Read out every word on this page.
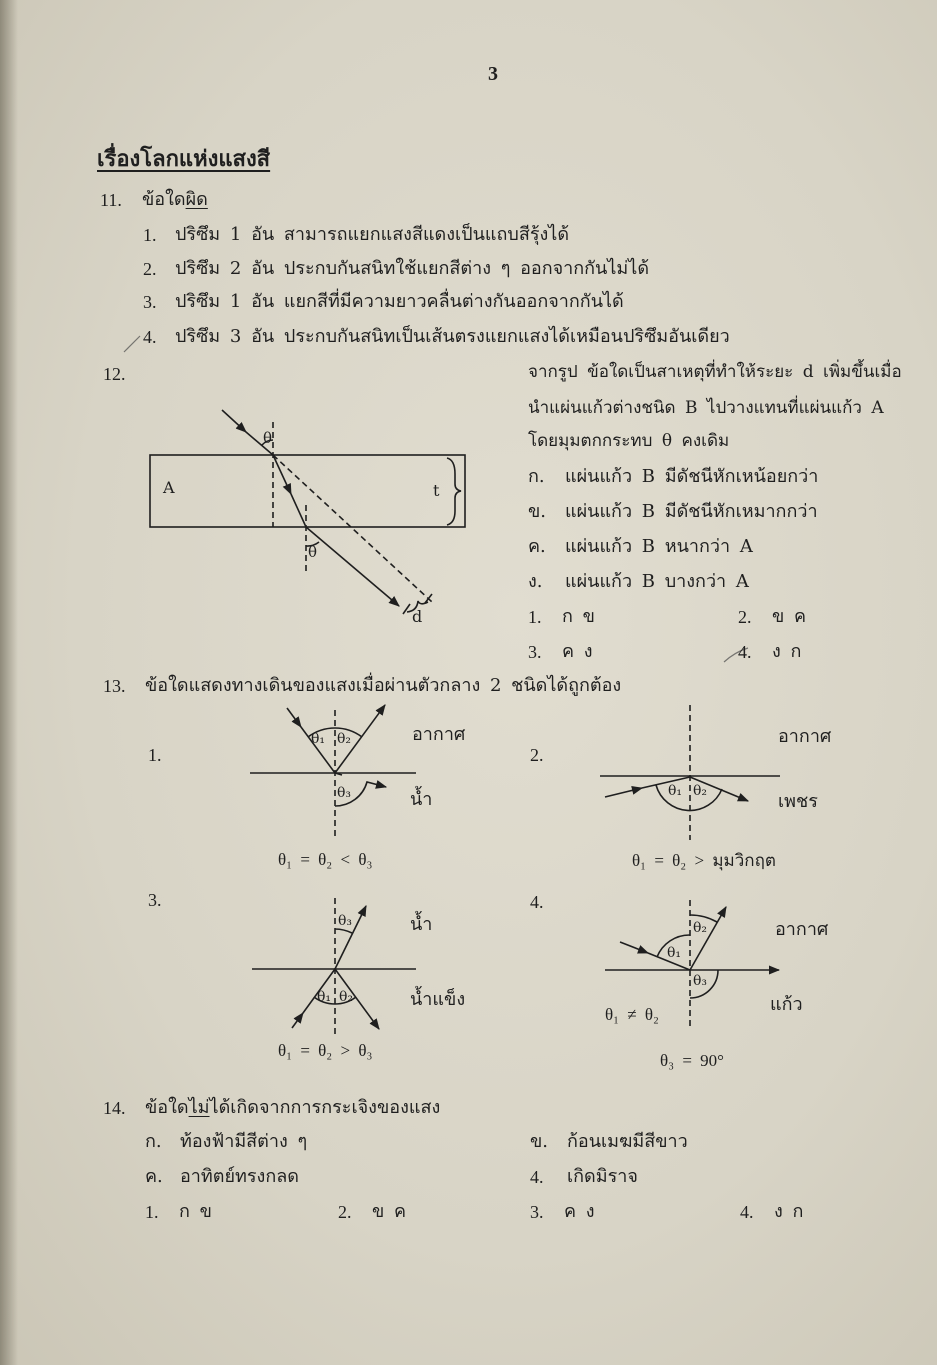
θ
θ
A	t
d
θ₁ θ₂
θ₃	θ₁ θ₂
θ₁ θ₂
θ₃
θ₁
θ₂
θ₃
3
เรื่องโลกแห่งแสงสี
11. ข้อใดผิด
1. ปริซึม 1 อัน สามารถแยกแสงสีแดงเป็นแถบสีรุ้งได้
2. ปริซึม 2 อัน ประกบกันสนิทใช้แยกสีต่าง ๆ ออกจากกันไม่ได้
3. ปริซึม 1 อัน แยกสีที่มีความยาวคลื่นต่างกันออกจากกันได้
4. ปริซึม 3 อัน ประกบกันสนิทเป็นเส้นตรงแยกแสงได้เหมือนปริซึมอันเดียว
12.	จากรูป ข้อใดเป็นสาเหตุที่ทำให้ระยะ d เพิ่มขึ้นเมื่อ
นำแผ่นแก้วต่างชนิด B ไปวางแทนที่แผ่นแก้ว A
โดยมุมตกกระทบ θ คงเดิม
ก. แผ่นแก้ว B มีดัชนีหักเหน้อยกว่า
ข. แผ่นแก้ว B มีดัชนีหักเหมากกว่า
ค. แผ่นแก้ว B หนากว่า A
ง. แผ่นแก้ว B บางกว่า A
1. ก ข	2. ข ค
3. ค ง	4. ง ก
13. ข้อใดแสดงทางเดินของแสงเมื่อผ่านตัวกลาง 2 ชนิดได้ถูกต้อง
1.
อากาศ
น้ำ
θ₁ = θ₂ < θ₃
2.
อากาศ
เพชร
θ₁ = θ₂ > มุมวิกฤต
3.
น้ำ
น้ำแข็ง
θ₁ = θ₂ > θ₃
4.
อากาศ
แก้ว
θ₁ ≠ θ₂
θ₃ = 90°
14. ข้อใดไม่ได้เกิดจากการกระเจิงของแสง
ก. ท้องฟ้ามีสีต่าง ๆ	ข. ก้อนเมฆมีสีขาว
ค. อาทิตย์ทรงกลด	4. เกิดมิราจ
1. ก ข	2. ข ค	3. ค ง	4. ง ก
